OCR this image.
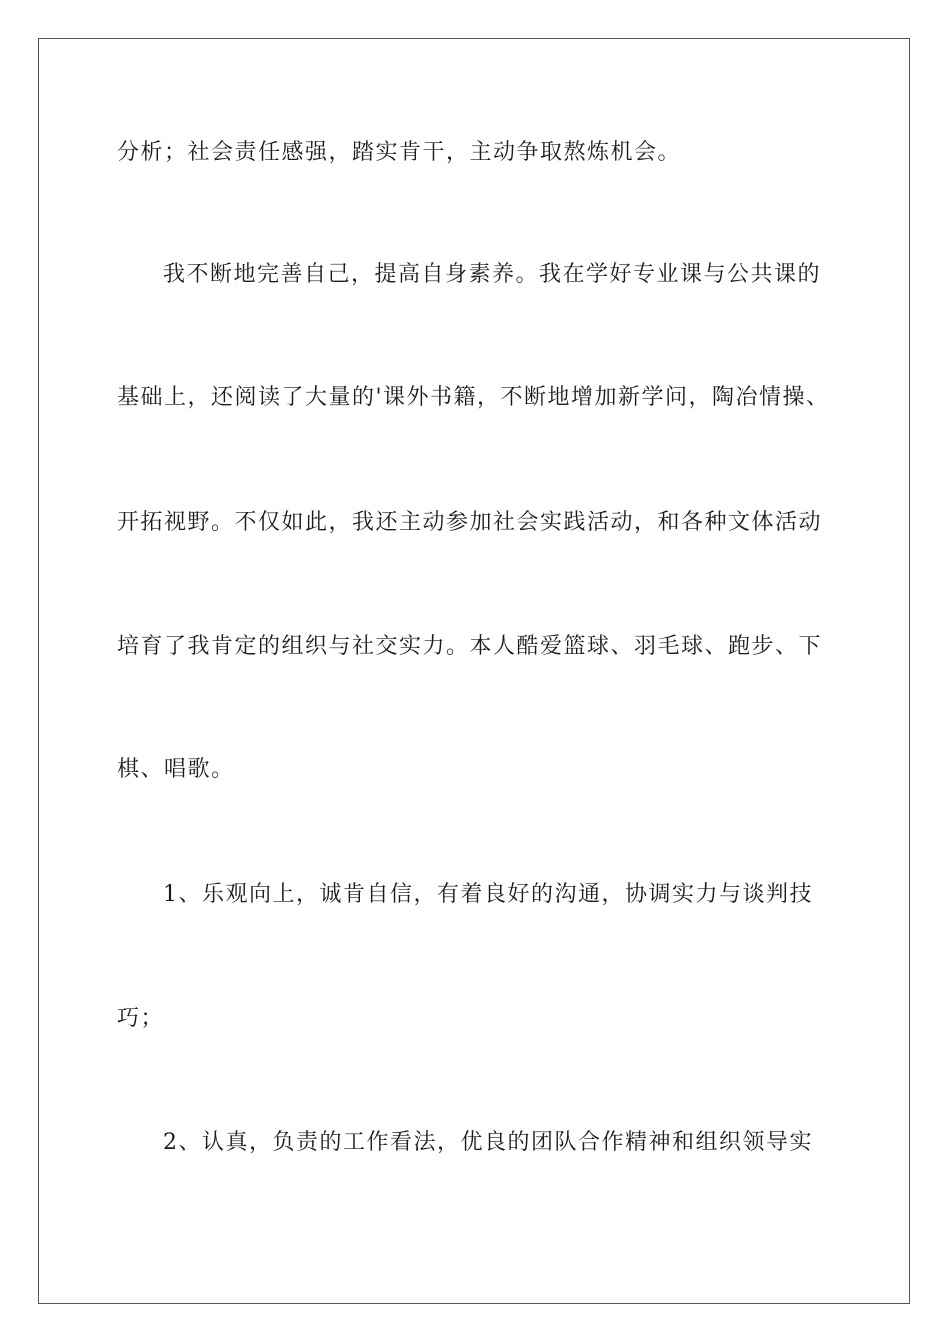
分析；社会责任感强，踏实肯干，主动争取熬炼机会。
我不断地完善自己，提高自身素养。我在学好专业课与公共课的
基础上，还阅读了大量的'课外书籍，不断地增加新学问，陶冶情操、
开拓视野。不仅如此，我还主动参加社会实践活动，和各种文体活动
培育了我肯定的组织与社交实力。本人酷爱篮球、羽毛球、跑步、下
棋、唱歌。
1、乐观向上，诚肯自信，有着良好的沟通，协调实力与谈判技
巧；
2、认真，负责的工作看法，优良的团队合作精神和组织领导实
